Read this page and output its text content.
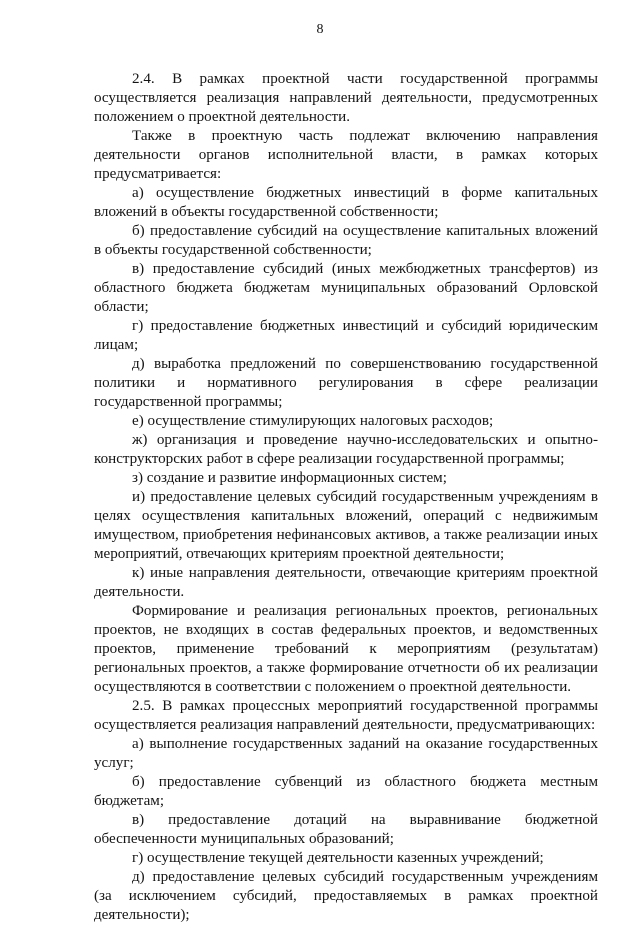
8

2.4. В рамках проектной части государственной программы осуществляется реализация направлений деятельности, предусмотренных положением о проектной деятельности.

Также в проектную часть подлежат включению направления деятельности органов исполнительной власти, в рамках которых предусматривается:

а) осуществление бюджетных инвестиций в форме капитальных вложений в объекты государственной собственности;

б) предоставление субсидий на осуществление капитальных вложений в объекты государственной собственности;

в) предоставление субсидий (иных межбюджетных трансфертов) из областного бюджета бюджетам муниципальных образований Орловской области;

г) предоставление бюджетных инвестиций и субсидий юридическим лицам;

д) выработка предложений по совершенствованию государственной политики и нормативного регулирования в сфере реализации государственной программы;

е) осуществление стимулирующих налоговых расходов;

ж) организация и проведение научно-исследовательских и опытно-конструкторских работ в сфере реализации государственной программы;

з) создание и развитие информационных систем;

и) предоставление целевых субсидий государственным учреждениям в целях осуществления капитальных вложений, операций с недвижимым имуществом, приобретения нефинансовых активов, а также реализации иных мероприятий, отвечающих критериям проектной деятельности;

к) иные направления деятельности, отвечающие критериям проектной деятельности.

Формирование и реализация региональных проектов, региональных проектов, не входящих в состав федеральных проектов, и ведомственных проектов, применение требований к мероприятиям (результатам) региональных проектов, а также формирование отчетности об их реализации осуществляются в соответствии с положением о проектной деятельности.

2.5. В рамках процессных мероприятий государственной программы осуществляется реализация направлений деятельности, предусматривающих:

а) выполнение государственных заданий на оказание государственных услуг;

б) предоставление субвенций из областного бюджета местным бюджетам;

в) предоставление дотаций на выравнивание бюджетной обеспеченности муниципальных образований;

г) осуществление текущей деятельности казенных учреждений;

д) предоставление целевых субсидий государственным учреждениям (за исключением субсидий, предоставляемых в рамках проектной деятельности);
